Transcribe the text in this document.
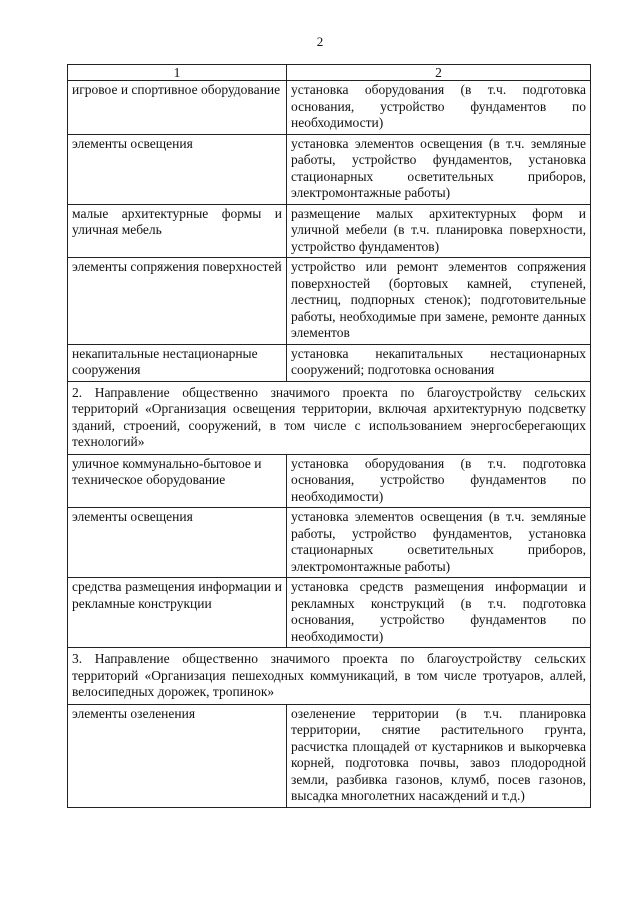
2
1	2
игровое и спортивное оборудование	установка оборудования (в т.ч. подготовка основания, устройство фундаментов по необходимости)
элементы освещения	установка элементов освещения (в т.ч. земляные работы, устройство фундаментов, установка стационарных осветительных приборов, электромонтажные работы)
малые архитектурные формы и уличная мебель	размещение малых архитектурных форм и уличной мебели (в т.ч. планировка поверхности, устройство фундаментов)
элементы сопряжения поверхностей	устройство или ремонт элементов сопряжения поверхностей (бортовых камней, ступеней, лестниц, подпорных стенок); подготовительные работы, необходимые при замене, ремонте данных элементов
некапитальные нестационарные сооружения	установка некапитальных нестационарных сооружений; подготовка основания
2. Направление общественно значимого проекта по благоустройству сельских территорий «Организация освещения территории, включая архитектурную подсветку зданий, строений, сооружений, в том числе с использованием энергосберегающих технологий»	
уличное коммунально-бытовое и техническое оборудование	установка оборудования (в т.ч. подготовка основания, устройство фундаментов по необходимости)
элементы освещения	установка элементов освещения (в т.ч. земляные работы, устройство фундаментов, установка стационарных осветительных приборов, электромонтажные работы)
средства размещения информации и рекламные конструкции	установка средств размещения информации и рекламных конструкций (в т.ч. подготовка основания, устройство фундаментов по необходимости)
3. Направление общественно значимого проекта по благоустройству сельских территорий «Организация пешеходных коммуникаций, в том числе тротуаров, аллей, велосипедных дорожек, тропинок»	
элементы озеленения	озеленение территории (в т.ч. планировка территории, снятие растительного грунта, расчистка площадей от кустарников и выкорчевка корней, подготовка почвы, завоз плодородной земли, разбивка газонов, клумб, посев газонов, высадка многолетних насаждений и т.д.)
